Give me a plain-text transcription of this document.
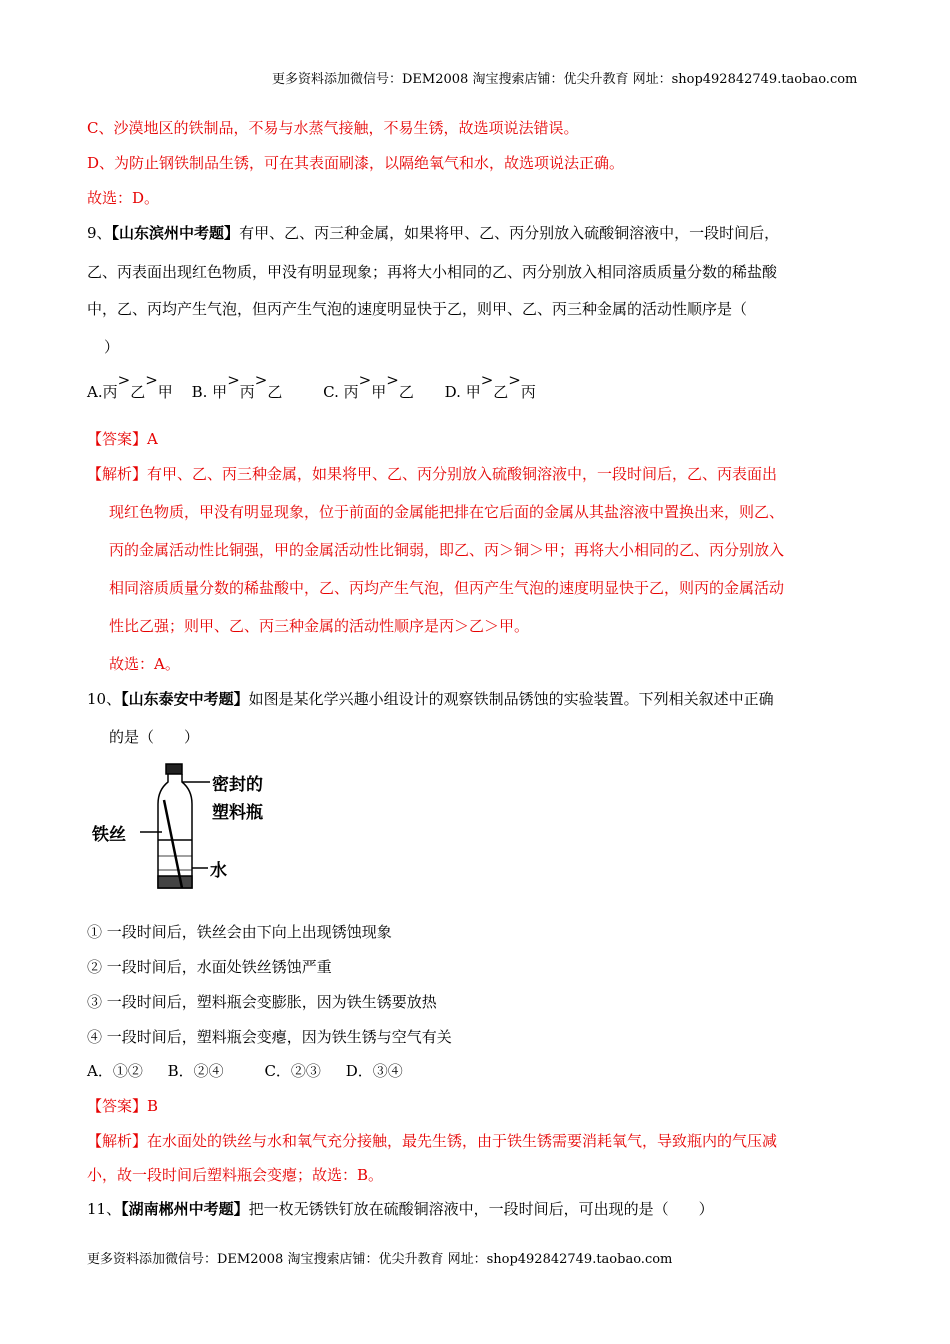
更多资料添加微信号：DEM2008 淘宝搜索店铺：优尖升教育 网址：shop492842749.taobao.com
C、沙漠地区的铁制品，不易与水蒸气接触，不易生锈，故选项说法错误。
D、为防止钢铁制品生锈，可在其表面刷漆，以隔绝氧气和水，故选项说法正确。
故选：D。
9、【山东滨州中考题】有甲、乙、丙三种金属，如果将甲、乙、丙分别放入硫酸铜溶液中，一段时间后，
乙、丙表面出现红色物质，甲没有明显现象；再将大小相同的乙、丙分别放入相同溶质质量分数的稀盐酸
中，乙、丙均产生气泡，但丙产生气泡的速度明显快于乙，则甲、乙、丙三种金属的活动性顺序是（
）
A.丙>乙>甲 B. 甲>丙>乙	C. 丙>甲>乙 D. 甲>乙>丙
【答案】A
【解析】有甲、乙、丙三种金属，如果将甲、乙、丙分别放入硫酸铜溶液中，一段时间后，乙、丙表面出
现红色物质，甲没有明显现象，位于前面的金属能把排在它后面的金属从其盐溶液中置换出来，则乙、
丙的金属活动性比铜强，甲的金属活动性比铜弱，即乙、丙＞铜＞甲；再将大小相同的乙、丙分别放入
相同溶质质量分数的稀盐酸中，乙、丙均产生气泡，但丙产生气泡的速度明显快于乙，则丙的金属活动
性比乙强；则甲、乙、丙三种金属的活动性顺序是丙＞乙＞甲。
故选：A。
10、【山东泰安中考题】如图是某化学兴趣小组设计的观察铁制品锈蚀的实验装置。下列相关叙述中正确
的是（　　）
密封的
塑料瓶
铁丝
水
① 一段时间后，铁丝会由下向上出现锈蚀现象
② 一段时间后，水面处铁丝锈蚀严重
③ 一段时间后，塑料瓶会变膨胀，因为铁生锈要放热
④ 一段时间后，塑料瓶会变瘪，因为铁生锈与空气有关
A．①② B．②④	C．②③ D．③④
【答案】B
【解析】在水面处的铁丝与水和氧气充分接触，最先生锈，由于铁生锈需要消耗氧气，导致瓶内的气压减
小，故一段时间后塑料瓶会变瘪；故选：B。
11、【湖南郴州中考题】把一枚无锈铁钉放在硫酸铜溶液中，一段时间后，可出现的是（　　）
更多资料添加微信号：DEM2008 淘宝搜索店铺：优尖升教育 网址：shop492842749.taobao.com
